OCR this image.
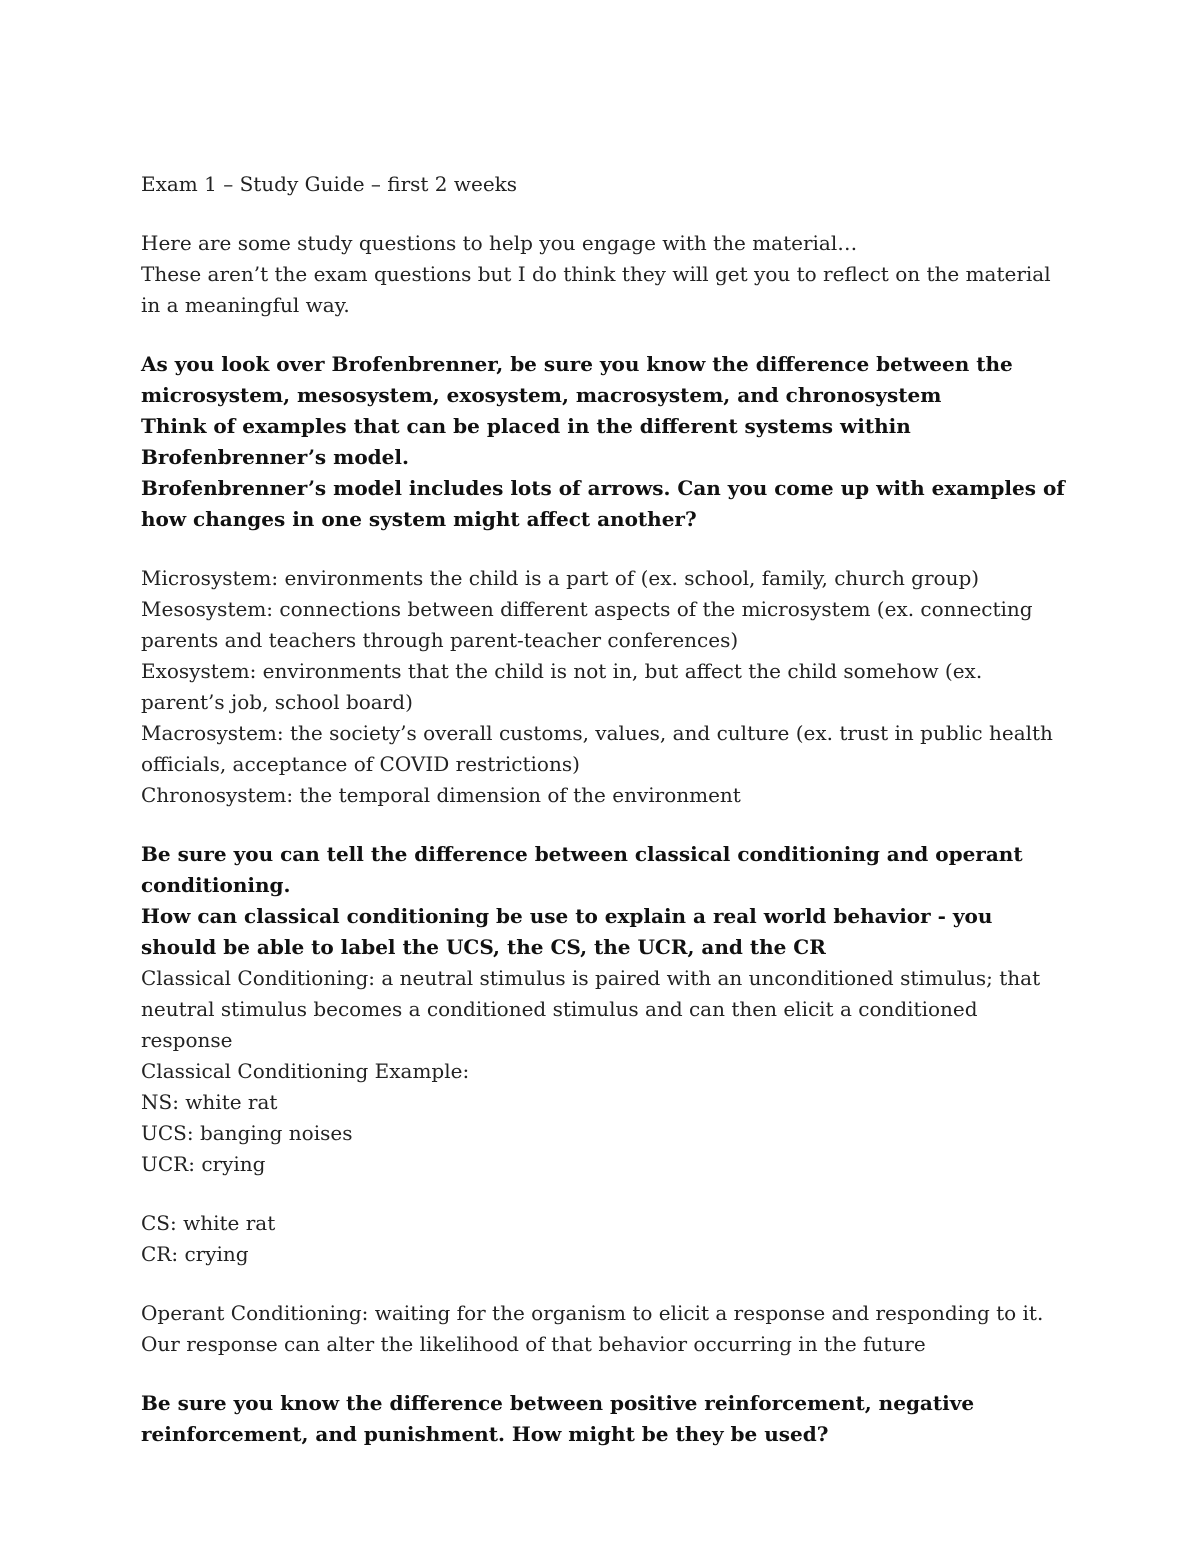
Exam 1 – Study Guide – first 2 weeks
Here are some study questions to help you engage with the material…
These aren’t the exam questions but I do think they will get you to reflect on the material in a meaningful way.
As you look over Brofenbrenner, be sure you know the difference between the microsystem, mesosystem, exosystem, macrosystem, and chronosystem
Think of examples that can be placed in the different systems within Brofenbrenner’s model.
Brofenbrenner’s model includes lots of arrows. Can you come up with examples of how changes in one system might affect another?
Microsystem: environments the child is a part of (ex. school, family, church group)
Mesosystem: connections between different aspects of the microsystem (ex. connecting parents and teachers through parent-teacher conferences)
Exosystem: environments that the child is not in, but affect the child somehow (ex. parent’s job, school board)
Macrosystem: the society’s overall customs, values, and culture (ex. trust in public health officials, acceptance of COVID restrictions)
Chronosystem: the temporal dimension of the environment
Be sure you can tell the difference between classical conditioning and operant conditioning.
How can classical conditioning be use to explain a real world behavior - you should be able to label the UCS, the CS, the UCR, and the CR
Classical Conditioning: a neutral stimulus is paired with an unconditioned stimulus; that neutral stimulus becomes a conditioned stimulus and can then elicit a conditioned response
Classical Conditioning Example:
NS: white rat
UCS: banging noises
UCR: crying
CS: white rat
CR: crying
Operant Conditioning: waiting for the organism to elicit a response and responding to it. Our response can alter the likelihood of that behavior occurring in the future
Be sure you know the difference between positive reinforcement, negative reinforcement, and punishment. How might be they be used?
